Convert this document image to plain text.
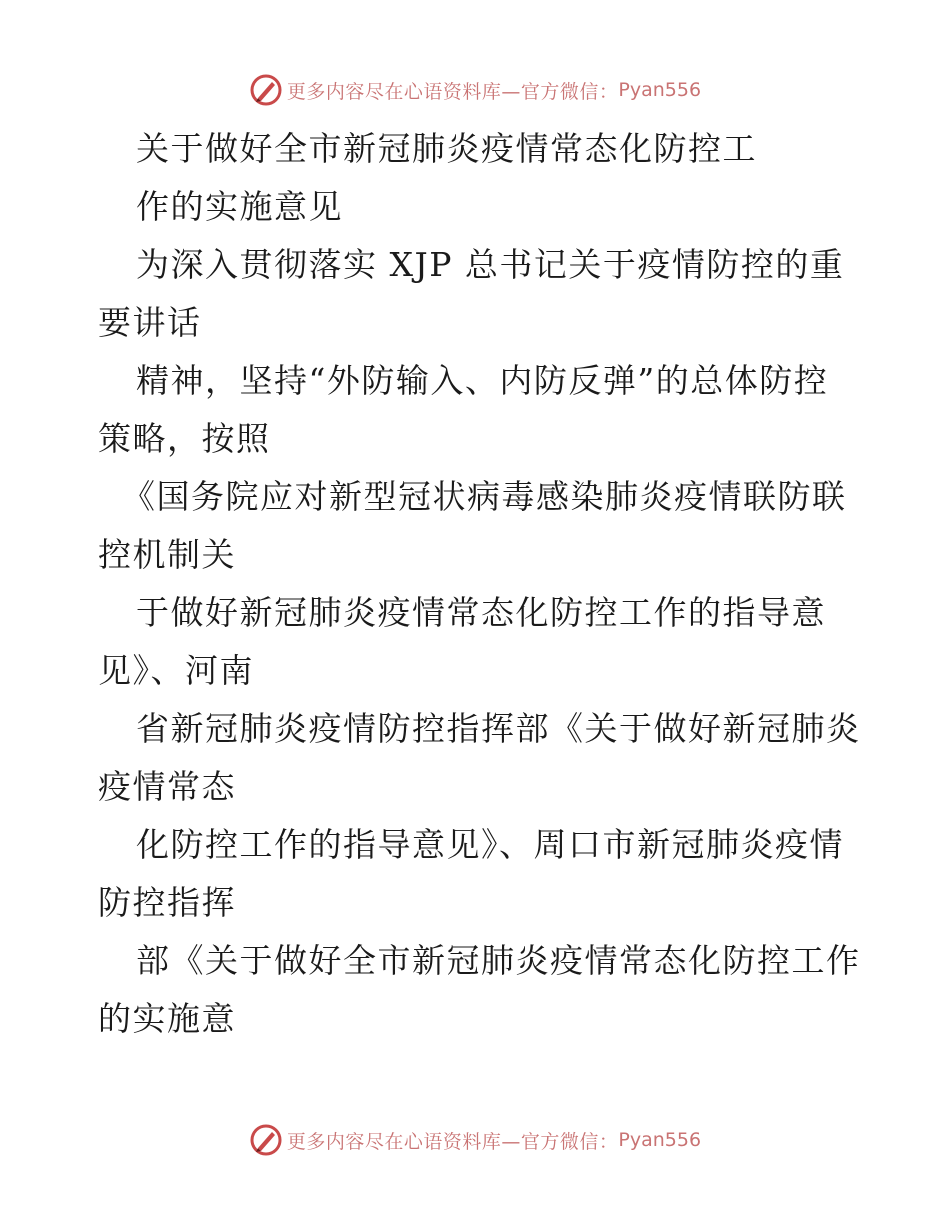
更多内容尽在心语资料库—官方微信： Pyan556
关于做好全市新冠肺炎疫情常态化防控工
作的实施意见
为深入贯彻落实 XJP 总书记关于疫情防控的重
要讲话
精神，坚持“外防输入、内防反弹”的总体防控
策略，按照
《国务院应对新型冠状病毒感染肺炎疫情联防联
控机制关
于做好新冠肺炎疫情常态化防控工作的指导意
见》、河南
省新冠肺炎疫情防控指挥部《关于做好新冠肺炎
疫情常态
化防控工作的指导意见》、周口市新冠肺炎疫情
防控指挥
部《关于做好全市新冠肺炎疫情常态化防控工作
的实施意
更多内容尽在心语资料库—官方微信： Pyan556
